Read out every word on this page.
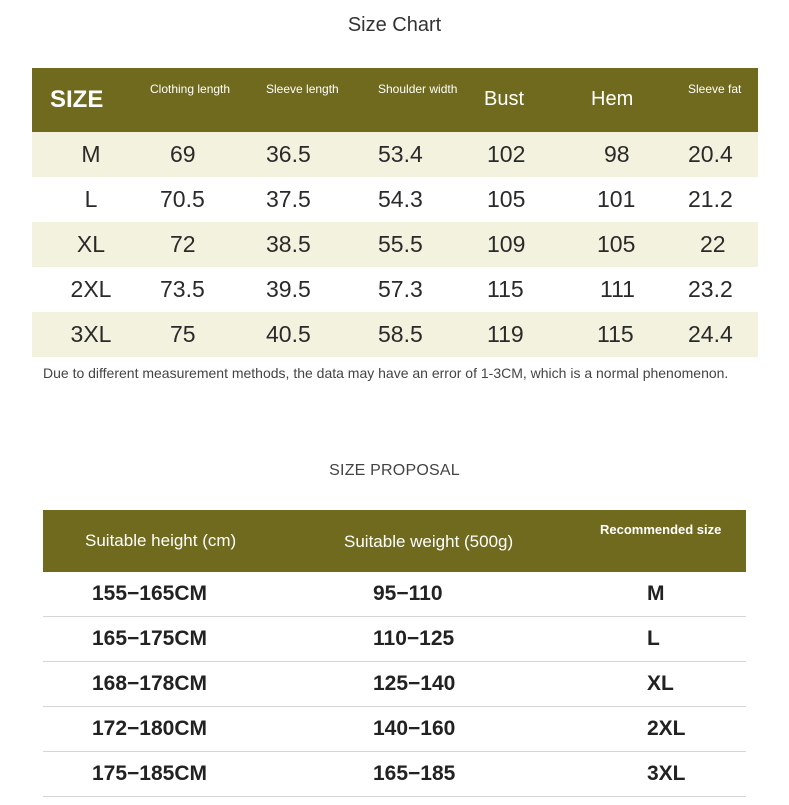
Size Chart
SIZE	Clothing length	Sleeve length	Shoulder width	Bust	Hem	Sleeve fat
M	69	36.5	53.4	102	98	20.4
L	70.5	37.5	54.3	105	101	21.2
XL	72	38.5	55.5	109	105	22
2XL	73.5	39.5	57.3	115	111	23.2
3XL	75	40.5	58.5	119	115	24.4
Due to different measurement methods, the data may have an error of 1-3CM, which is a normal phenomenon.
SIZE PROPOSAL
Suitable height (cm)	Suitable weight (500g)	Recommended size
155−165CM	95−110	M
165−175CM	110−125	L
168−178CM	125−140	XL
172−180CM	140−160	2XL
175−185CM	165−185	3XL
